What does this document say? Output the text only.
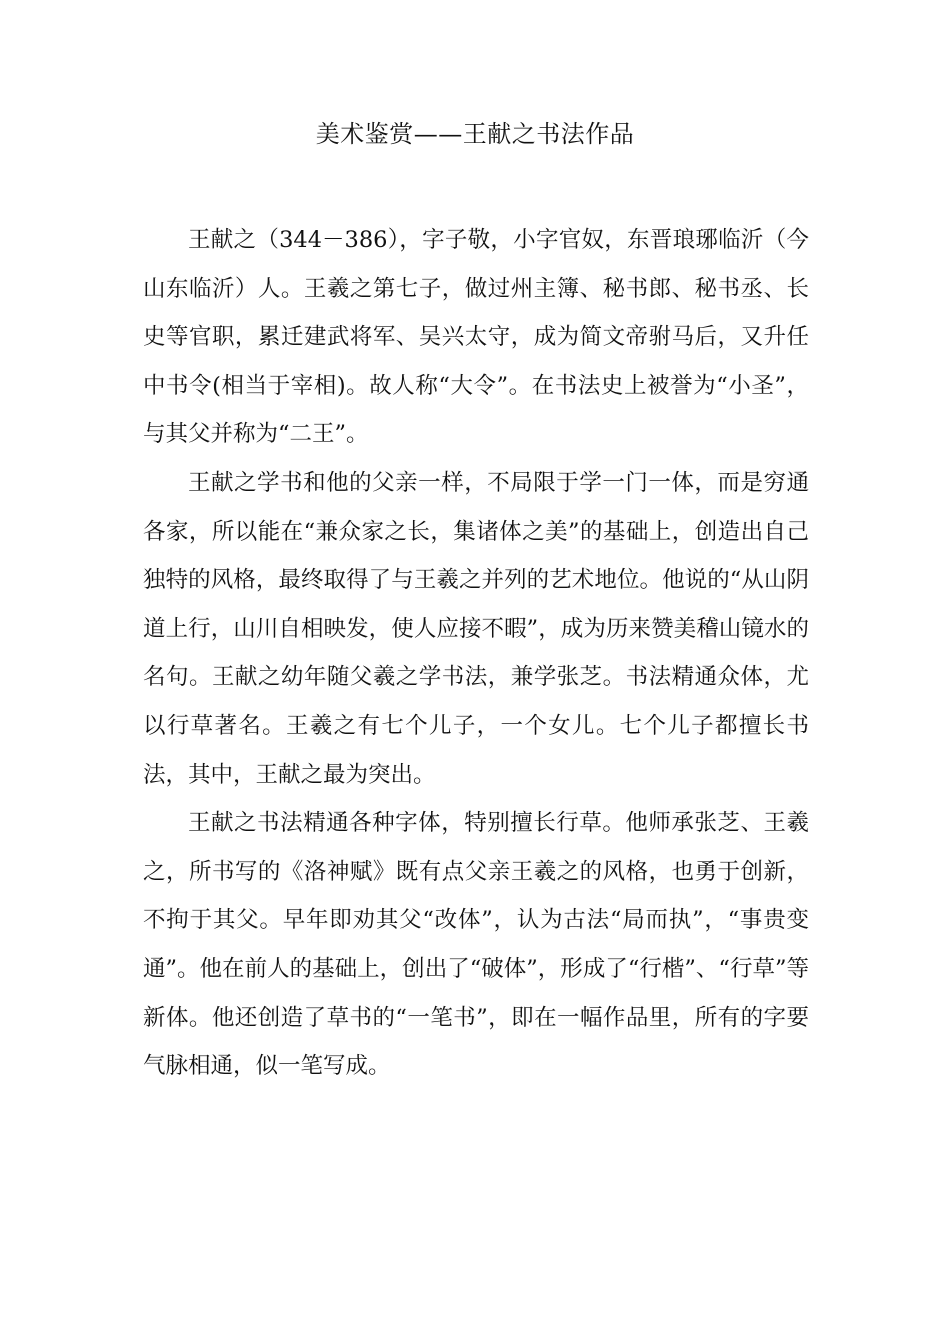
美术鉴赏——王献之书法作品

王献之（344－386），字子敬，小字官奴，东晋琅琊临沂（今山东临沂）人。王羲之第七子，做过州主簿、秘书郎、秘书丞、长史等官职，累迁建武将军、吴兴太守，成为简文帝驸马后，又升任中书令(相当于宰相)。故人称“大令”。在书法史上被誉为“小圣”，与其父并称为“二王”。

王献之学书和他的父亲一样，不局限于学一门一体，而是穷通各家，所以能在“兼众家之长，集诸体之美”的基础上，创造出自己独特的风格，最终取得了与王羲之并列的艺术地位。他说的“从山阴道上行，山川自相映发，使人应接不暇”，成为历来赞美稽山镜水的名句。王献之幼年随父羲之学书法，兼学张芝。书法精通众体，尤以行草著名。王羲之有七个儿子，一个女儿。七个儿子都擅长书法，其中，王献之最为突出。

王献之书法精通各种字体，特别擅长行草。他师承张芝、王羲之，所书写的《洛神赋》既有点父亲王羲之的风格，也勇于创新，不拘于其父。早年即劝其父“改体”，认为古法“局而执”，“事贵变通”。他在前人的基础上，创出了“破体”，形成了“行楷”、“行草”等新体。他还创造了草书的“一笔书”，即在一幅作品里，所有的字要气脉相通，似一笔写成。
